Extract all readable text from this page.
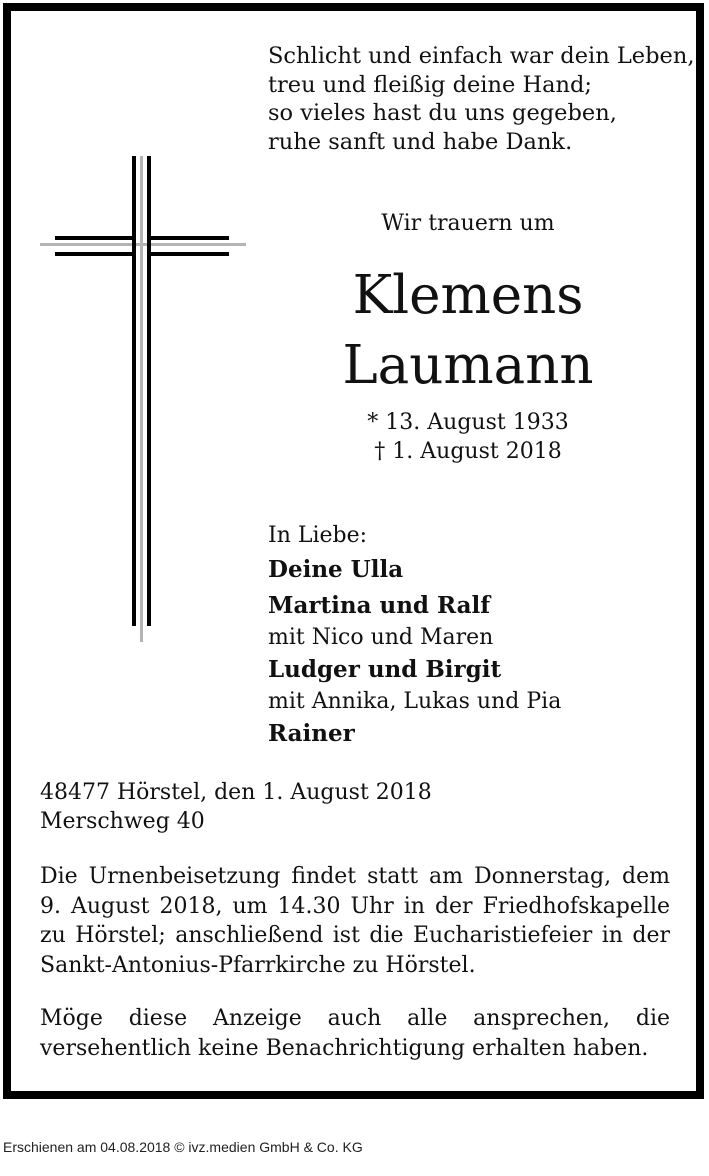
Schlicht und einfach war dein Leben,
treu und fleißig deine Hand;
so vieles hast du uns gegeben,
ruhe sanft und habe Dank.
Wir trauern um
Klemens
Laumann
* 13. August 1933
† 1. August 2018
In Liebe:
Deine Ulla
Martina und Ralf
mit Nico und Maren
Ludger und Birgit
mit Annika, Lukas und Pia
Rainer
48477 Hörstel, den 1. August 2018
Merschweg 40
Die Urnenbeisetzung findet statt am Donnerstag, dem 9. August 2018, um 14.30 Uhr in der Friedhofskapelle zu Hörstel; anschließend ist die Eucharistiefeier in der Sankt-Antonius-Pfarrkirche zu Hörstel.
Möge diese Anzeige auch alle ansprechen, die versehentlich keine Benachrichtigung erhalten haben.
Erschienen am 04.08.2018 © ivz.medien GmbH & Co. KG
